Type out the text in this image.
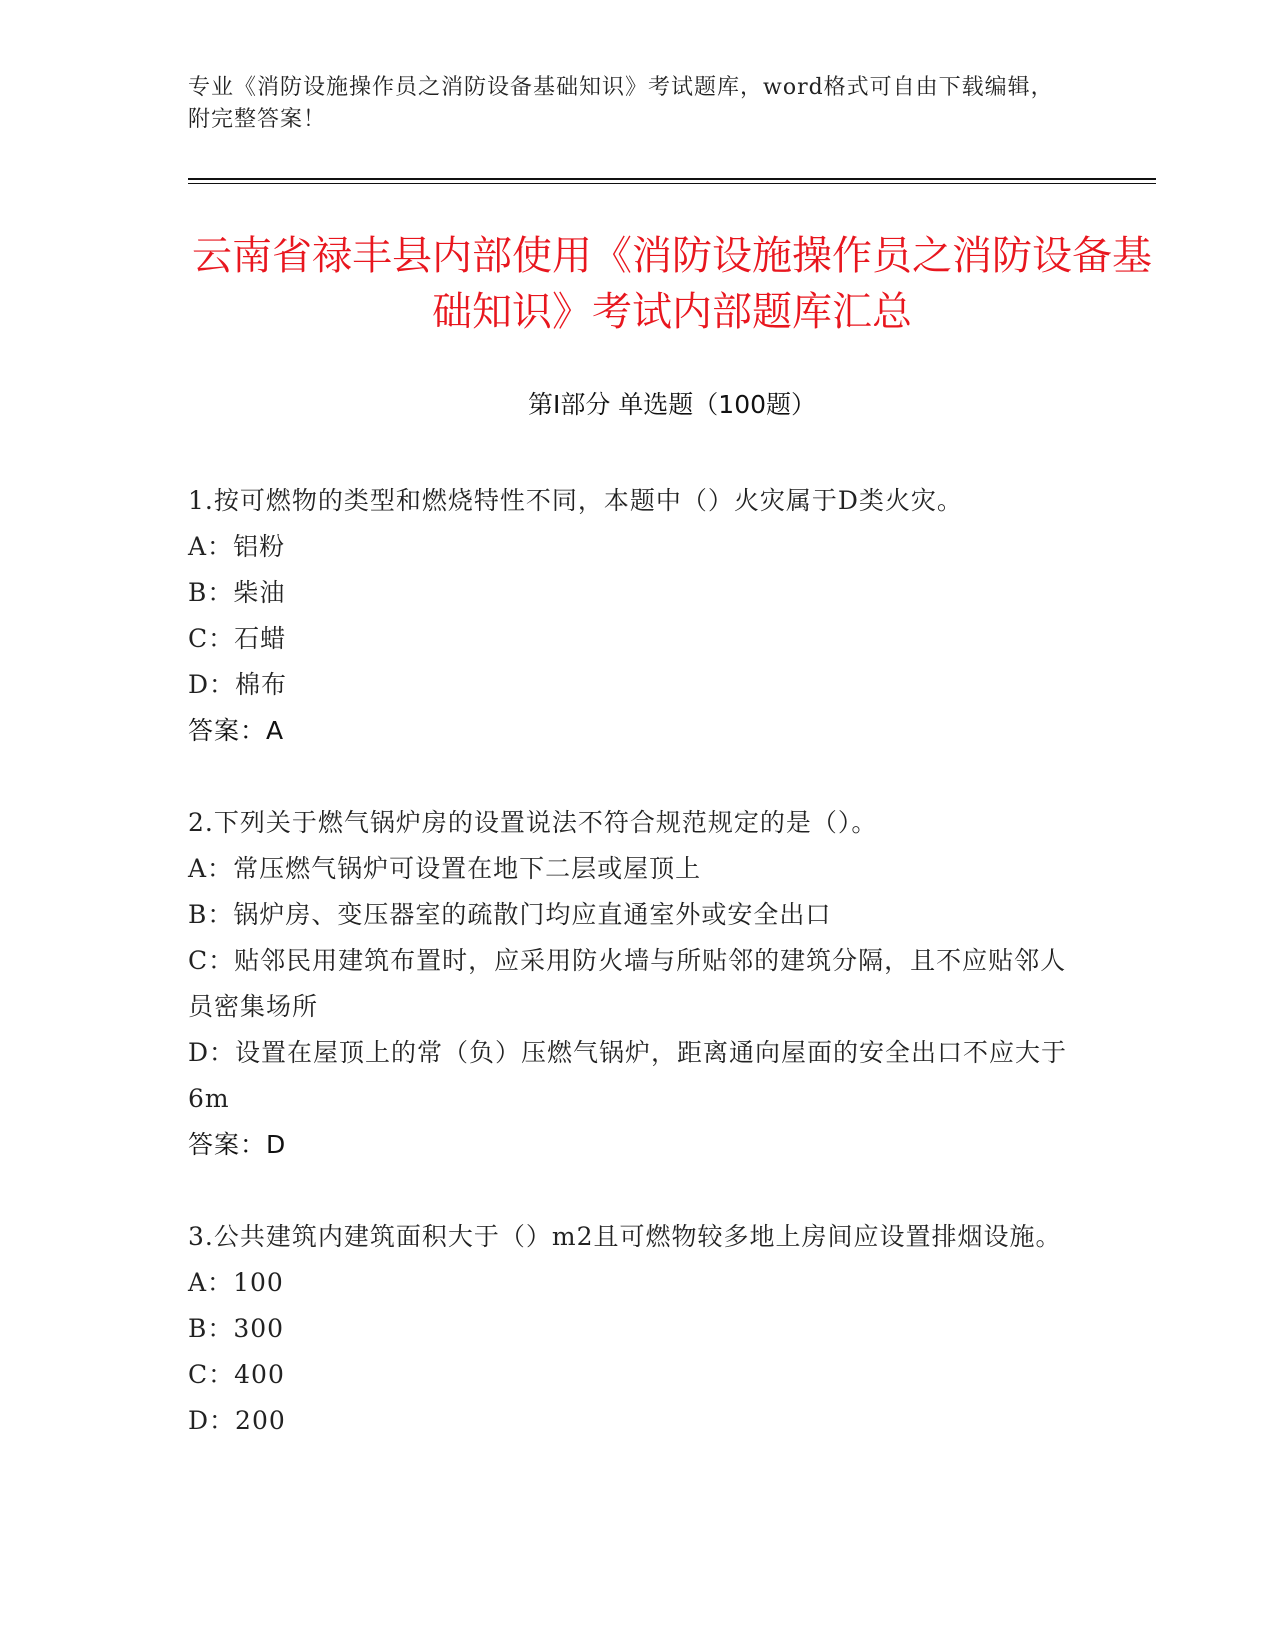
专业《消防设施操作员之消防设备基础知识》考试题库，word格式可自由下载编辑，附完整答案！
云南省禄丰县内部使用《消防设施操作员之消防设备基础知识》考试内部题库汇总
第Ⅰ部分 单选题（100题）

1.按可燃物的类型和燃烧特性不同，本题中（）火灾属于D类火灾。

A：铝粉

B：柴油

C：石蜡

D：棉布

答案：A

2.下列关于燃气锅炉房的设置说法不符合规范规定的是（）。

A：常压燃气锅炉可设置在地下二层或屋顶上

B：锅炉房、变压器室的疏散门均应直通室外或安全出口

C：贴邻民用建筑布置时，应采用防火墙与所贴邻的建筑分隔，且不应贴邻人员密集场所

D：设置在屋顶上的常（负）压燃气锅炉，距离通向屋面的安全出口不应大于6m

答案：D

3.公共建筑内建筑面积大于（）m2且可燃物较多地上房间应设置排烟设施。

A：100

B：300

C：400

D：200
